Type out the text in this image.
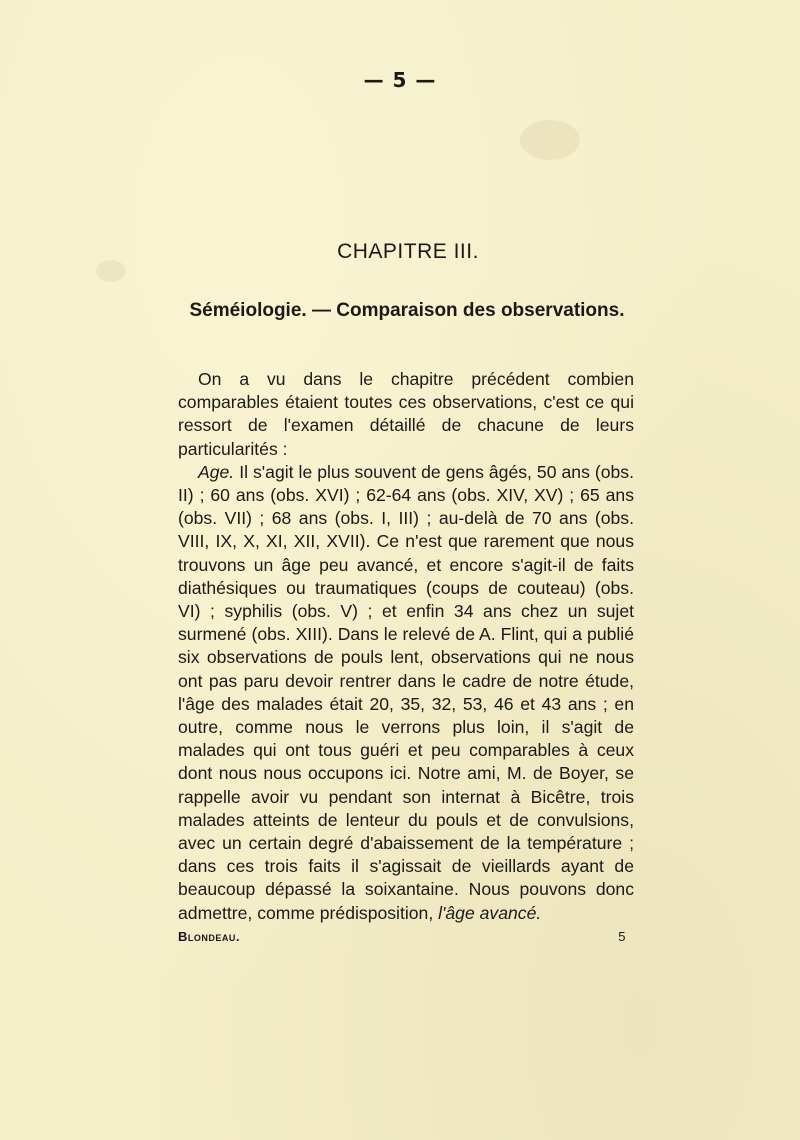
— 5 —
CHAPITRE III.
Séméiologie. — Comparaison des observations.

On a vu dans le chapitre précédent combien comparables étaient toutes ces observations, c'est ce qui ressort de l'examen détaillé de chacune de leurs particularités :
Age. Il s'agit le plus souvent de gens âgés, 50 ans (obs. II) ; 60 ans (obs. XVI) ; 62-64 ans (obs. XIV, XV) ; 65 ans (obs. VII) ; 68 ans (obs. I, III) ; au-delà de 70 ans (obs. VIII, IX, X, XI, XII, XVII). Ce n'est que rarement que nous trouvons un âge peu avancé, et encore s'agit-il de faits diathésiques ou traumatiques (coups de couteau) (obs. VI) ; syphilis (obs. V) ; et enfin 34 ans chez un sujet surmené (obs. XIII). Dans le relevé de A. Flint, qui a publié six observations de pouls lent, observations qui ne nous ont pas paru devoir rentrer dans le cadre de notre étude, l'âge des malades était 20, 35, 32, 53, 46 et 43 ans ; en outre, comme nous le verrons plus loin, il s'agit de malades qui ont tous guéri et peu comparables à ceux dont nous nous occupons ici. Notre ami, M. de Boyer, se rappelle avoir vu pendant son internat à Bicêtre, trois malades atteints de lenteur du pouls et de convulsions, avec un certain degré d'abaissement de la température ; dans ces trois faits il s'agissait de vieillards ayant de beaucoup dépassé la soixantaine. Nous pouvons donc admettre, comme prédisposition, l'âge avancé.

Blondeau.	5
